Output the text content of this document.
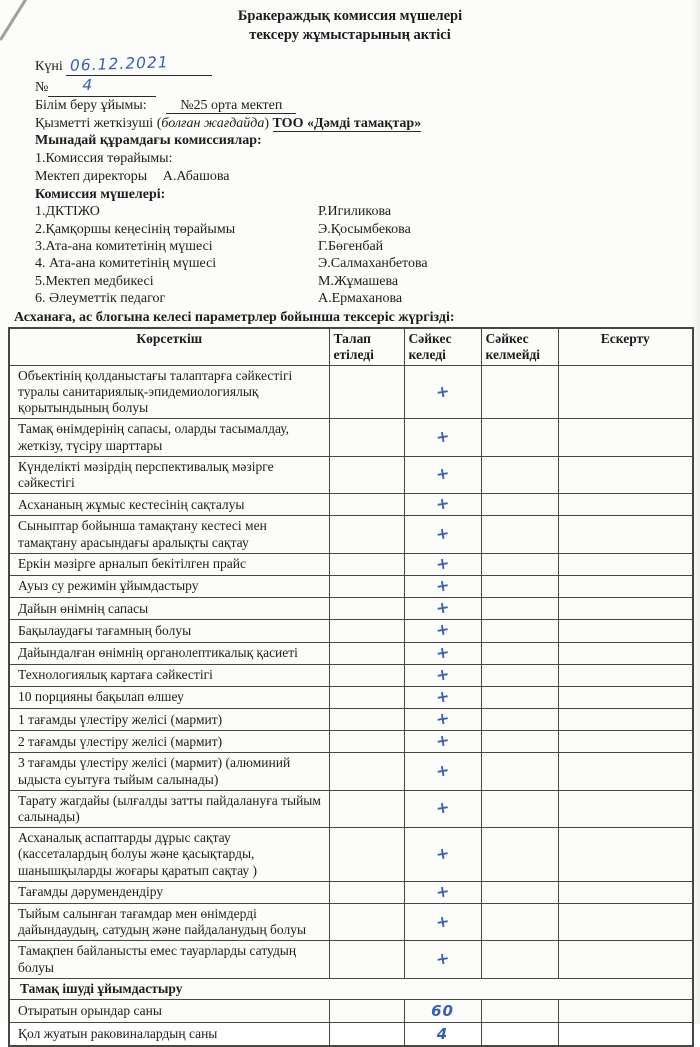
Бракераждық комиссия мүшелері
тексеру жұмыстарының актісі
Күні 06.12.2021
№ 4
Білім беру ұйымы: №25 орта мектеп
Қызметті жеткізуші (болған жағдайда) ТОО «Дәмді тамақтар»
Мынадай құрамдағы комиссиялар:
1.Комиссия төрайымы:
Мектеп директоры А.Абашова
Комиссия мүшелері:
1.ДКТІЖО	Р.Игиликова
2.Қамқоршы кеңесінің төрайымы	Э.Қосымбекова
3.Ата-ана комитетінің мүшесі	Г.Бөгенбай
4. Ата-ана комитетінің мүшесі	Э.Салмаханбетова
5.Мектеп медбикесі	М.Жұмашева
6. Әлеуметтік педагог	А.Ермаханова
Асханаға, ас блогына келесі параметрлер бойынша тексеріс жүргізді:
Көрсеткіш	Талап етіледі	Сәйкес келеді	Сәйкес келмейді	Ескерту
Объектінің қолданыстағы талаптарға сәйкестігі туралы санитариялық-эпидемиологиялық қорытындының болуы		+		
Тамақ өнімдерінің сапасы, оларды тасымалдау, жеткізу, түсіру шарттары		+		
Күнделікті мәзірдің перспективалық мәзірге сәйкестігі		+		
Асхананың жұмыс кестесінің сақталуы		+		
Сыныптар бойынша тамақтану кестесі мен тамақтану арасындағы аралықты сақтау		+		
Еркін мәзірге арналып бекітілген прайс		+		
Ауыз су режимін ұйымдастыру		+		
Дайын өнімнің сапасы		+		
Бақылаудағы тағамның болуы		+		
Дайындалған өнімнің органолептикалық қасиеті		+		
Технологиялық картаға сәйкестігі		+		
10 порцияны бақылап өлшеу		+		
1 тағамды үлестіру желісі (мармит)		+		
2 тағамды үлестіру желісі (мармит)		+		
3 тағамды үлестіру желісі (мармит) (алюминий ыдыста суытуға тыйым салынады)		+		
Тарату жагдайы (ылғалды затты пайдалануға тыйым салынады)		+		
Асханалық аспаптарды дұрыс сақтау (кассеталардың болуы және қасықтарды, шанышқыларды жоғары қаратып сақтау )		+		
Тағамды дәрумендендіру		+		
Тыйым салынған тағамдар мен өнімдерді дайындаудың, сатудың және пайдаланудың болуы		+		
Тамақпен байланысты емес тауарларды сатудың болуы		+		
Тамақ ішуді ұйымдастыру				
Отыратын орындар саны		60		
Қол жуатын раковиналардың саны		4		
